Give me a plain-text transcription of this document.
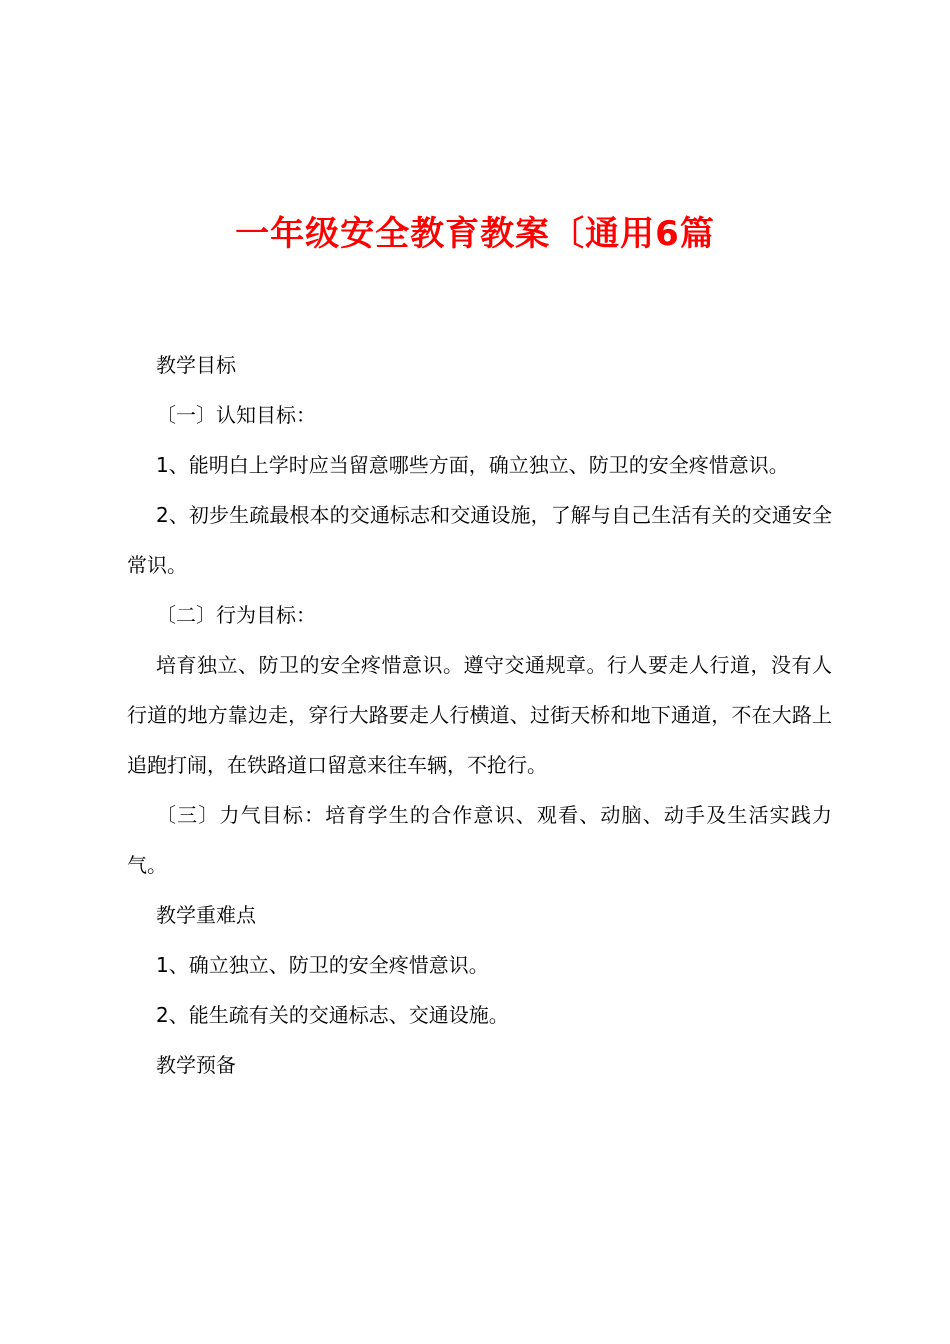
一年级安全教育教案〔通用6篇

教学目标

〔一〕认知目标：

1、能明白上学时应当留意哪些方面，确立独立、防卫的安全疼惜意识。

2、初步生疏最根本的交通标志和交通设施，了解与自己生活有关的交通安全常识。

〔二〕行为目标：

培育独立、防卫的安全疼惜意识。遵守交通规章。行人要走人行道，没有人行道的地方靠边走，穿行大路要走人行横道、过街天桥和地下通道，不在大路上追跑打闹，在铁路道口留意来往车辆，不抢行。

〔三〕力气目标：培育学生的合作意识、观看、动脑、动手及生活实践力气。

教学重难点

1、确立独立、防卫的安全疼惜意识。

2、能生疏有关的交通标志、交通设施。

教学预备
